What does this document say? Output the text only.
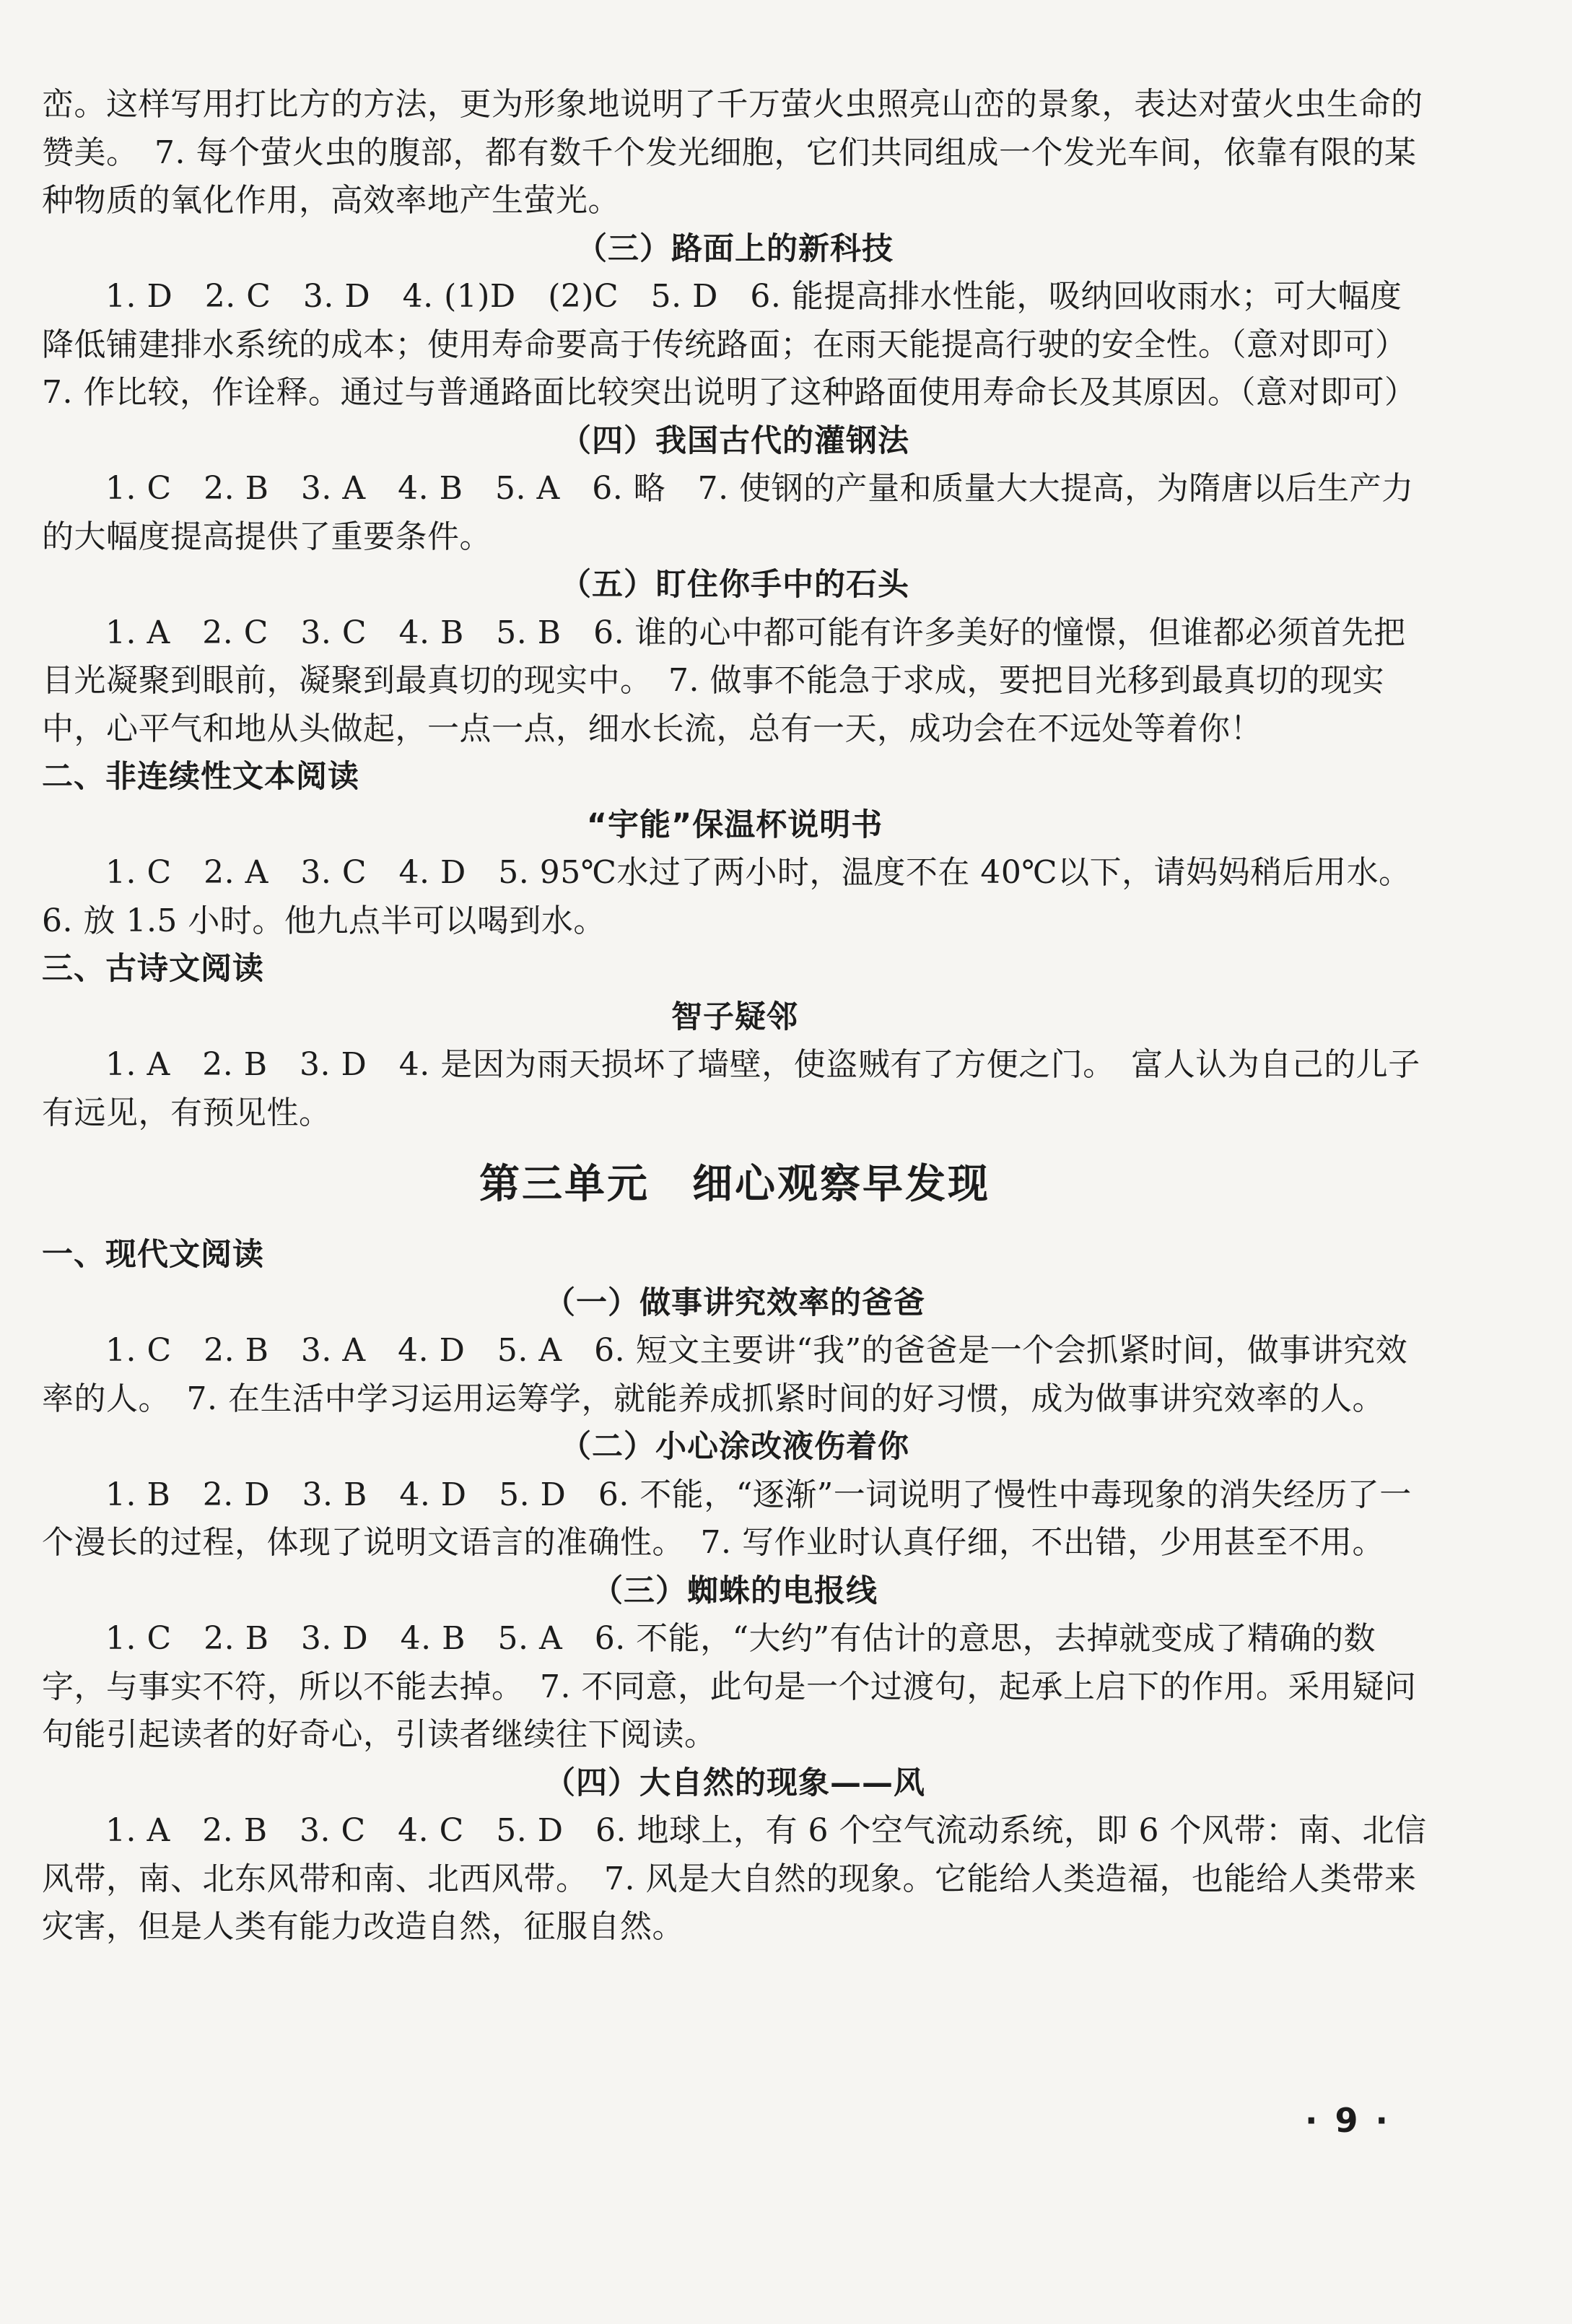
峦。这样写用打比方的方法，更为形象地说明了千万萤火虫照亮山峦的景象，表达对萤火虫生命的赞美。　7. 每个萤火虫的腹部，都有数千个发光细胞，它们共同组成一个发光车间，依靠有限的某种物质的氧化作用，高效率地产生萤光。

（三）路面上的新科技

1. D　2. C　3. D　4. (1)D　(2)C　5. D　6. 能提高排水性能，吸纳回收雨水；可大幅度降低铺建排水系统的成本；使用寿命要高于传统路面；在雨天能提高行驶的安全性。（意对即可）　7. 作比较，作诠释。通过与普通路面比较突出说明了这种路面使用寿命长及其原因。（意对即可）

（四）我国古代的灌钢法

1. C　2. B　3. A　4. B　5. A　6. 略　7. 使钢的产量和质量大大提高，为隋唐以后生产力的大幅度提高提供了重要条件。

（五）盯住你手中的石头

1. A　2. C　3. C　4. B　5. B　6. 谁的心中都可能有许多美好的憧憬，但谁都必须首先把目光凝聚到眼前，凝聚到最真切的现实中。　7. 做事不能急于求成，要把目光移到最真切的现实中，心平气和地从头做起，一点一点，细水长流，总有一天，成功会在不远处等着你！

二、非连续性文本阅读

“宇能”保温杯说明书

1. C　2. A　3. C　4. D　5. 95℃水过了两小时，温度不在 40℃以下，请妈妈稍后用水。　6. 放 1.5 小时。他九点半可以喝到水。

三、古诗文阅读

智子疑邻

1. A　2. B　3. D　4. 是因为雨天损坏了墙壁，使盗贼有了方便之门。　富人认为自己的儿子有远见，有预见性。

第三单元　细心观察早发现

一、现代文阅读

（一）做事讲究效率的爸爸

1. C　2. B　3. A　4. D　5. A　6. 短文主要讲“我”的爸爸是一个会抓紧时间，做事讲究效率的人。　7. 在生活中学习运用运筹学，就能养成抓紧时间的好习惯，成为做事讲究效率的人。

（二）小心涂改液伤着你

1. B　2. D　3. B　4. D　5. D　6. 不能，“逐渐”一词说明了慢性中毒现象的消失经历了一个漫长的过程，体现了说明文语言的准确性。　7. 写作业时认真仔细，不出错，少用甚至不用。

（三）蜘蛛的电报线

1. C　2. B　3. D　4. B　5. A　6. 不能，“大约”有估计的意思，去掉就变成了精确的数字，与事实不符，所以不能去掉。　7. 不同意，此句是一个过渡句，起承上启下的作用。采用疑问句能引起读者的好奇心，引读者继续往下阅读。

（四）大自然的现象——风

1. A　2. B　3. C　4. C　5. D　6. 地球上，有 6 个空气流动系统，即 6 个风带：南、北信风带，南、北东风带和南、北西风带。　7. 风是大自然的现象。它能给人类造福，也能给人类带来灾害，但是人类有能力改造自然，征服自然。

· 9 ·
